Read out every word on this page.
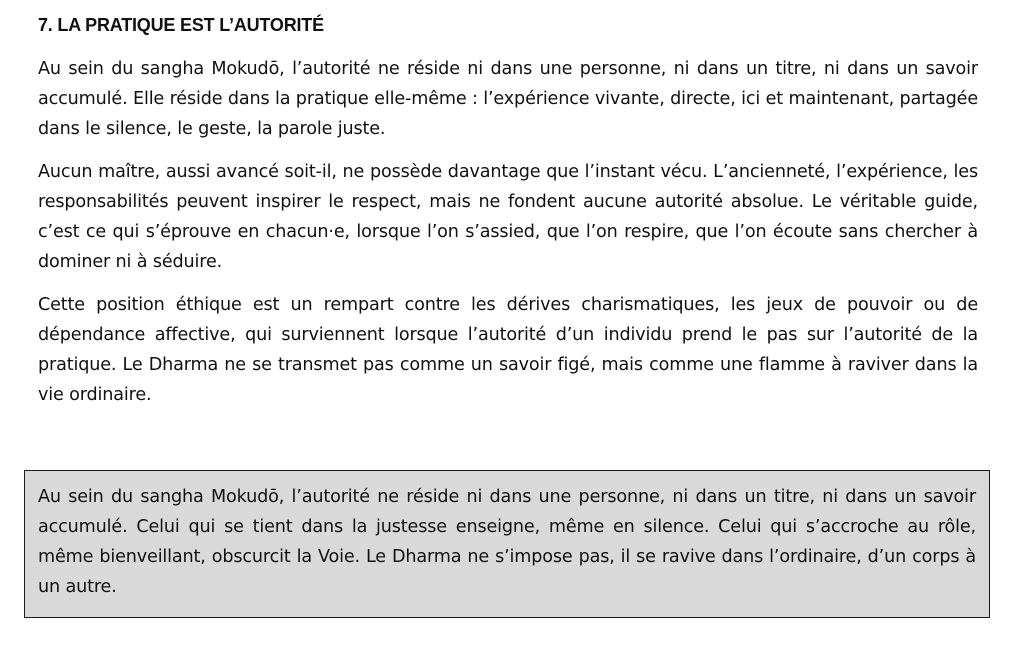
7. LA PRATIQUE EST L’AUTORITÉ

Au sein du sangha Mokudō, l’autorité ne réside ni dans une personne, ni dans un titre, ni dans un savoir accumulé. Elle réside dans la pratique elle-même : l’expérience vivante, directe, ici et maintenant, partagée dans le silence, le geste, la parole juste.

Aucun maître, aussi avancé soit-il, ne possède davantage que l’instant vécu. L’ancienneté, l’expérience, les responsabilités peuvent inspirer le respect, mais ne fondent aucune autorité absolue. Le véritable guide, c’est ce qui s’éprouve en chacun·e, lorsque l’on s’assied, que l’on respire, que l’on écoute sans chercher à dominer ni à séduire.

Cette position éthique est un rempart contre les dérives charismatiques, les jeux de pouvoir ou de dépendance affective, qui surviennent lorsque l’autorité d’un individu prend le pas sur l’autorité de la pratique. Le Dharma ne se transmet pas comme un savoir figé, mais comme une flamme à raviver dans la vie ordinaire.

Au sein du sangha Mokudō, l’autorité ne réside ni dans une personne, ni dans un titre, ni dans un savoir accumulé. Celui qui se tient dans la justesse enseigne, même en silence. Celui qui s’accroche au rôle, même bienveillant, obscurcit la Voie. Le Dharma ne s’impose pas, il se ravive dans l’ordinaire, d’un corps à un autre.
